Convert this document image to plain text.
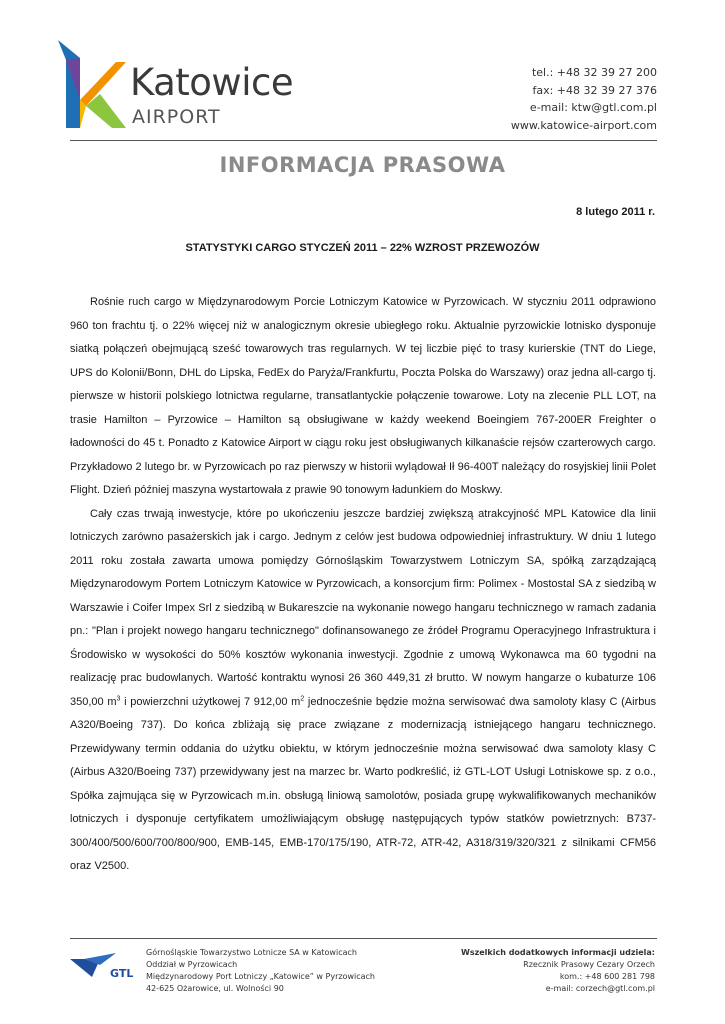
Katowice
AIRPORT
tel.: +48 32 39 27 200
fax: +48 32 39 27 376
e-mail: ktw@gtl.com.pl
www.katowice-airport.com
INFORMACJA PRASOWA
8 lutego 2011 r.
STATYSTYKI CARGO STYCZEŃ 2011 – 22% WZROST PRZEWOZÓW

Rośnie ruch cargo w Międzynarodowym Porcie Lotniczym Katowice w Pyrzowicach. W styczniu 2011 odprawiono 960 ton frachtu tj. o 22% więcej niż w analogicznym okresie ubiegłego roku. Aktualnie pyrzowickie lotnisko dysponuje siatką połączeń obejmującą sześć towarowych tras regularnych. W tej liczbie pięć to trasy kurierskie (TNT do Liege, UPS do Kolonii/Bonn, DHL do Lipska, FedEx do Paryża/Frankfurtu, Poczta Polska do Warszawy) oraz jedna all-cargo tj. pierwsze w historii polskiego lotnictwa regularne, transatlantyckie połączenie towarowe. Loty na zlecenie PLL LOT, na trasie Hamilton – Pyrzowice – Hamilton są obsługiwane w każdy weekend Boeingiem 767-200ER Freighter o ładowności do 45 t. Ponadto z Katowice Airport w ciągu roku jest obsługiwanych kilkanaście rejsów czarterowych cargo. Przykładowo 2 lutego br. w Pyrzowicach po raz pierwszy w historii wylądował Ił 96-400T należący do rosyjskiej linii Polet Flight. Dzień później maszyna wystartowała z prawie 90 tonowym ładunkiem do Moskwy.

Cały czas trwają inwestycje, które po ukończeniu jeszcze bardziej zwiększą atrakcyjność MPL Katowice dla linii lotniczych zarówno pasażerskich jak i cargo. Jednym z celów jest budowa odpowiedniej infrastruktury. W dniu 1 lutego 2011 roku została zawarta umowa pomiędzy Górnośląskim Towarzystwem Lotniczym SA, spółką zarządzającą Międzynarodowym Portem Lotniczym Katowice w Pyrzowicach, a konsorcjum firm: Polimex - Mostostal SA z siedzibą w Warszawie i Coifer Impex Srl z siedzibą w Bukareszcie na wykonanie nowego hangaru technicznego w ramach zadania pn.: "Plan i projekt nowego hangaru technicznego" dofinansowanego ze źródeł Programu Operacyjnego Infrastruktura i Środowisko w wysokości do 50% kosztów wykonania inwestycji. Zgodnie z umową Wykonawca ma 60 tygodni na realizację prac budowlanych. Wartość kontraktu wynosi 26 360 449,31 zł brutto. W nowym hangarze o kubaturze 106 350,00 $m^3$ i powierzchni użytkowej 7 912,00 $m^2$ jednocześnie będzie można serwisować dwa samoloty klasy C (Airbus A320/Boeing 737). Do końca zbliżają się prace związane z modernizacją istniejącego hangaru technicznego. Przewidywany termin oddania do użytku obiektu, w którym jednocześnie można serwisować dwa samoloty klasy C (Airbus A320/Boeing 737) przewidywany jest na marzec br. Warto podkreślić, iż GTL-LOT Usługi Lotniskowe sp. z o.o., Spółka zajmująca się w Pyrzowicach m.in. obsługą liniową samolotów, posiada grupę wykwalifikowanych mechaników lotniczych i dysponuje certyfikatem umożliwiającym obsługę następujących typów statków powietrznych: B737-300/400/500/600/700/800/900, EMB-145, EMB-170/175/190, ATR-72, ATR-42, A318/319/320/321 z silnikami CFM56 oraz V2500.

GTL
Górnośląskie Towarzystwo Lotnicze SA w Katowicach
Oddział w Pyrzowicach
Międzynarodowy Port Lotniczy „Katowice” w Pyrzowicach
42-625 Ożarowice, ul. Wolności 90
Wszelkich dodatkowych informacji udziela:
Rzecznik Prasowy Cezary Orzech
kom.: +48 600 281 798
e-mail: corzech@gtl.com.pl
